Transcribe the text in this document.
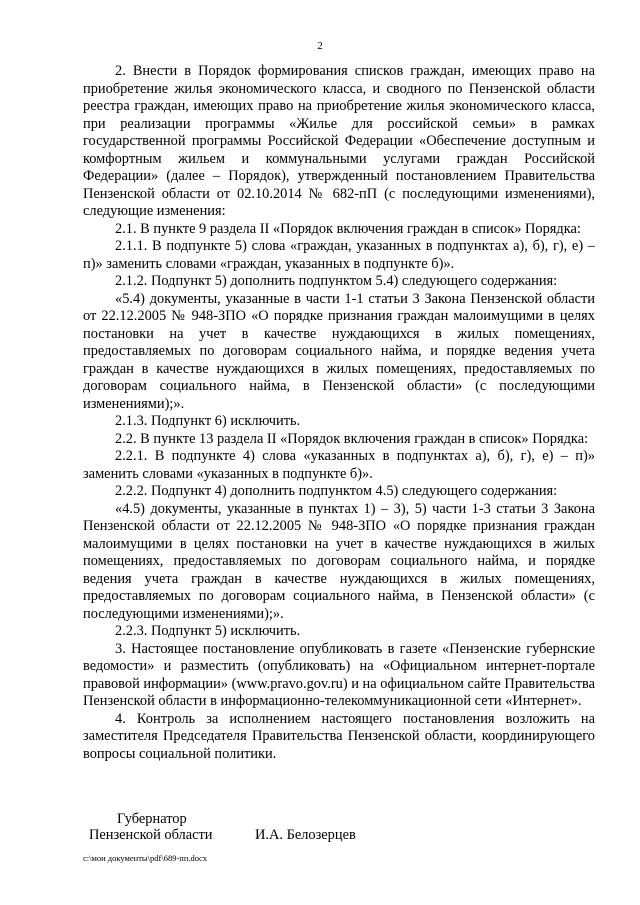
2

2. Внести в Порядок формирования списков граждан, имеющих право на приобретение жилья экономического класса, и сводного по Пензенской области реестра граждан, имеющих право на приобретение жилья экономического класса, при реализации программы «Жилье для российской семьи» в рамках государственной программы Российской Федерации «Обеспечение доступным и комфортным жильем и коммунальными услугами граждан Российской Федерации» (далее – Порядок), утвержденный постановлением Правительства Пензенской области от 02.10.2014 № 682-пП (с последующими изменениями), следующие изменения:

2.1. В пункте 9 раздела II «Порядок включения граждан в список» Порядка:

2.1.1. В подпункте 5) слова «граждан, указанных в подпунктах а), б), г), е) – п)» заменить словами «граждан, указанных в подпункте б)».

2.1.2. Подпункт 5) дополнить подпунктом 5.4) следующего содержания:

«5.4) документы, указанные в части 1-1 статьи 3 Закона Пензенской области от 22.12.2005 № 948-ЗПО «О порядке признания граждан малоимущими в целях постановки на учет в качестве нуждающихся в жилых помещениях, предоставляемых по договорам социального найма, и порядке ведения учета граждан в качестве нуждающихся в жилых помещениях, предоставляемых по договорам социального найма, в Пензенской области» (с последующими изменениями);».

2.1.3. Подпункт 6) исключить.

2.2. В пункте 13 раздела II «Порядок включения граждан в список» Порядка:

2.2.1. В подпункте 4) слова «указанных в подпунктах а), б), г), е) – п)» заменить словами «указанных в подпункте б)».

2.2.2. Подпункт 4) дополнить подпунктом 4.5) следующего содержания:

«4.5) документы, указанные в пунктах 1) – 3), 5) части 1-3 статьи 3 Закона Пензенской области от 22.12.2005 № 948-ЗПО «О порядке признания граждан малоимущими в целях постановки на учет в качестве нуждающихся в жилых помещениях, предоставляемых по договорам социального найма, и порядке ведения учета граждан в качестве нуждающихся в жилых помещениях, предоставляемых по договорам социального найма, в Пензенской области» (с последующими изменениями);».

2.2.3. Подпункт 5) исключить.

3. Настоящее постановление опубликовать в газете «Пензенские губернские ведомости» и разместить (опубликовать) на «Официальном интернет-портале правовой информации» (www.pravo.gov.ru) и на официальном сайте Правительства Пензенской области в информационно-телекоммуникационной сети «Интернет».

4. Контроль за исполнением настоящего постановления возложить на заместителя Председателя Правительства Пензенской области, координирующего вопросы социальной политики.

Губернатор
Пензенской области	И.А. Белозерцев
c:\мои документы\pdf\689-пп.docx
